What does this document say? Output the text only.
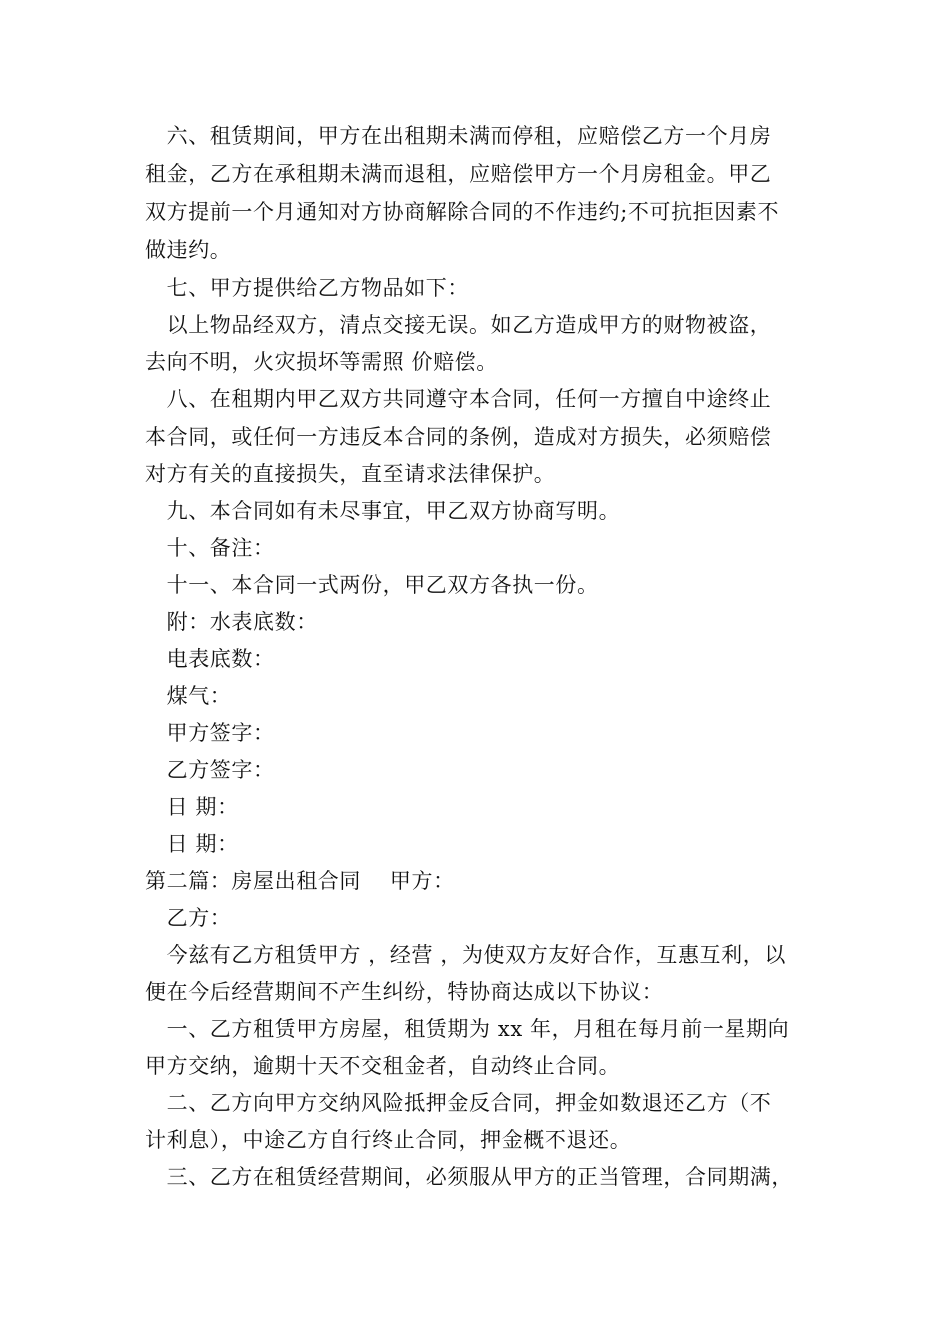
　六、租赁期间，甲方在出租期未满而停租，应赔偿乙方一个月房
租金，乙方在承租期未满而退租，应赔偿甲方一个月房租金。甲乙
双方提前一个月通知对方协商解除合同的不作违约;不可抗拒因素不
做违约。
　七、甲方提供给乙方物品如下：
　以上物品经双方，清点交接无误。如乙方造成甲方的财物被盗，
去向不明，火灾损坏等需照 价赔偿。
　八、在租期内甲乙双方共同遵守本合同，任何一方擅自中途终止
本合同，或任何一方违反本合同的条例，造成对方损失，必须赔偿
对方有关的直接损失，直至请求法律保护。
　九、本合同如有未尽事宜，甲乙双方协商写明。
　十、备注：
　十一、本合同一式两份，甲乙双方各执一份。
　附：水表底数：
　电表底数：
　煤气：
　甲方签字：
　乙方签字：
　日 期：
　日 期：
第二篇：房屋出租合同　 甲方：
　乙方：
　今兹有乙方租赁甲方 ，经营 ，为使双方友好合作，互惠互利，以
便在今后经营期间不产生纠纷，特协商达成以下协议：
　一、乙方租赁甲方房屋，租赁期为 xx 年，月租在每月前一星期向
甲方交纳，逾期十天不交租金者，自动终止合同。
　二、乙方向甲方交纳风险抵押金反合同，押金如数退还乙方（不
计利息），中途乙方自行终止合同，押金概不退还。
　三、乙方在租赁经营期间，必须服从甲方的正当管理，合同期满，
